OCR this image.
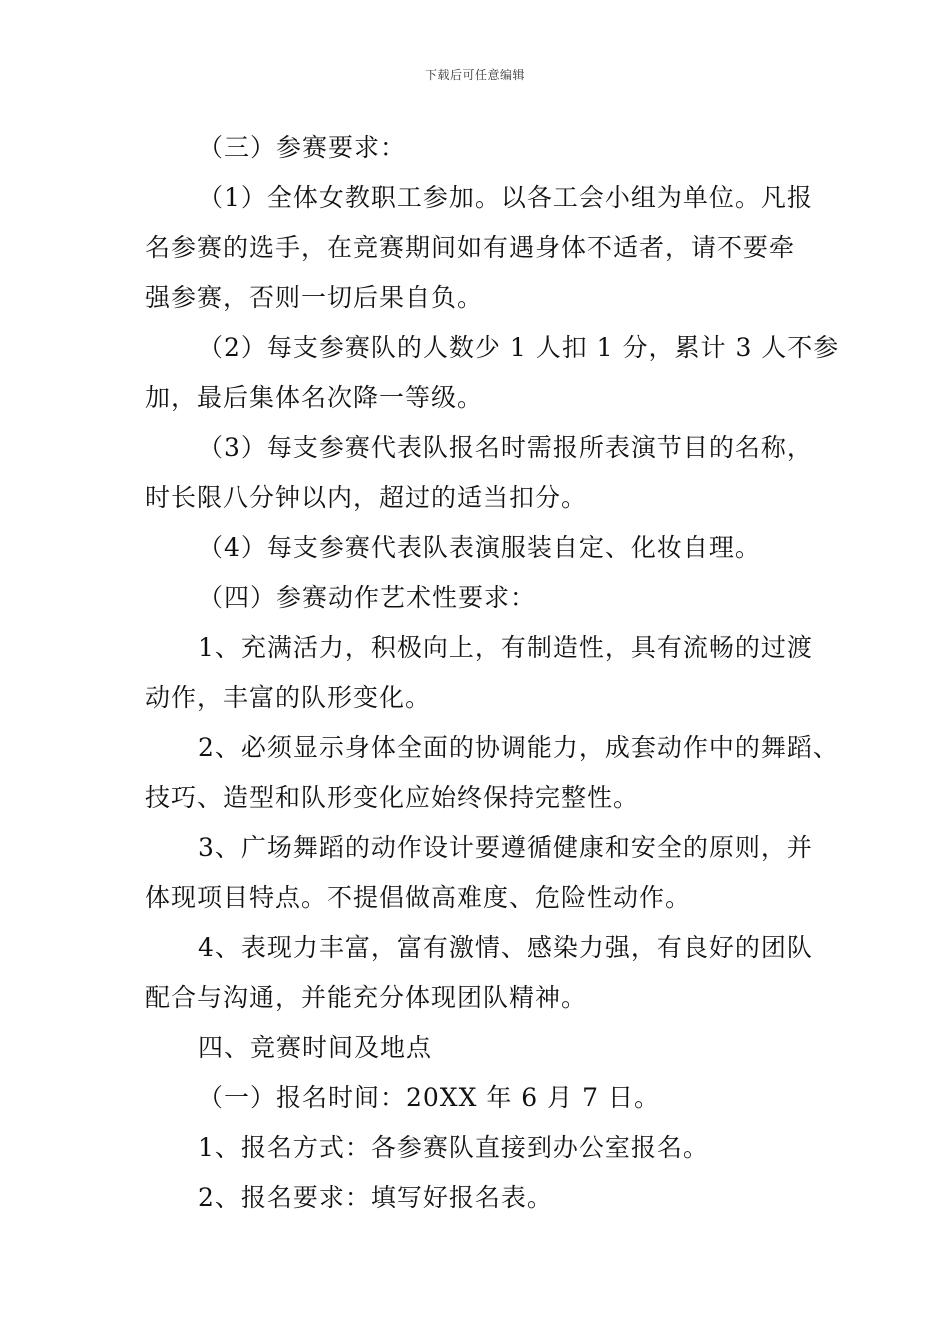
下载后可任意编辑
（三）参赛要求：
（1）全体女教职工参加。以各工会小组为单位。凡报
名参赛的选手，在竞赛期间如有遇身体不适者，请不要牵
强参赛，否则一切后果自负。
（2）每支参赛队的人数少 1 人扣 1 分，累计 3 人不参
加，最后集体名次降一等级。
（3）每支参赛代表队报名时需报所表演节目的名称，
时长限八分钟以内，超过的适当扣分。
（4）每支参赛代表队表演服装自定、化妆自理。
（四）参赛动作艺术性要求：
1、充满活力，积极向上，有制造性，具有流畅的过渡
动作，丰富的队形变化。
2、必须显示身体全面的协调能力，成套动作中的舞蹈、
技巧、造型和队形变化应始终保持完整性。
3、广场舞蹈的动作设计要遵循健康和安全的原则，并
体现项目特点。不提倡做高难度、危险性动作。
4、表现力丰富，富有激情、感染力强，有良好的团队
配合与沟通，并能充分体现团队精神。
四、竞赛时间及地点
（一）报名时间：20XX 年 6 月 7 日。
1、报名方式：各参赛队直接到办公室报名。
2、报名要求：填写好报名表。
